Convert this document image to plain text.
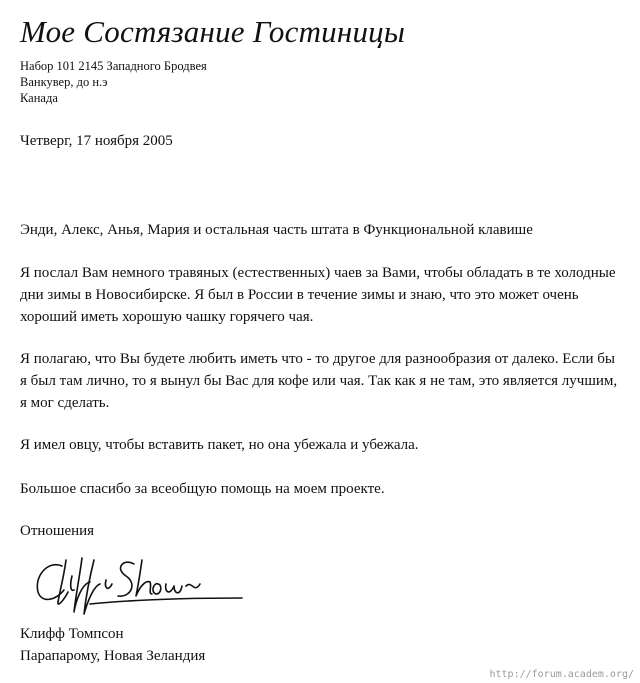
Мое Состязание Гостиницы
Набор 101 2145 Западного Бродвея
Ванкувер, до н.э
Канада
Четверг, 17 ноября 2005

Энди, Алекс, Анья, Мария и остальная часть штата в Функциональной клавише

Я послал Вам немного травяных (естественных) чаев за Вами, чтобы обладать в те холодные дни зимы в Новосибирске. Я был в России в течение зимы и знаю, что это может очень хороший иметь хорошую чашку горячего чая.

Я полагаю, что Вы будете любить иметь что - то другое для разнообразия от далеко. Если бы я был там лично, то я вынул бы Вас для кофе или чая. Так как я не там, это является лучшим, я мог сделать.

Я имел овцу, чтобы вставить пакет, но она убежала и убежала.

Большое спасибо за всеобщую помощь на моем проекте.

Отношения

Клифф Томпсон
Парапарому, Новая Зеландия
http://forum.academ.org/
